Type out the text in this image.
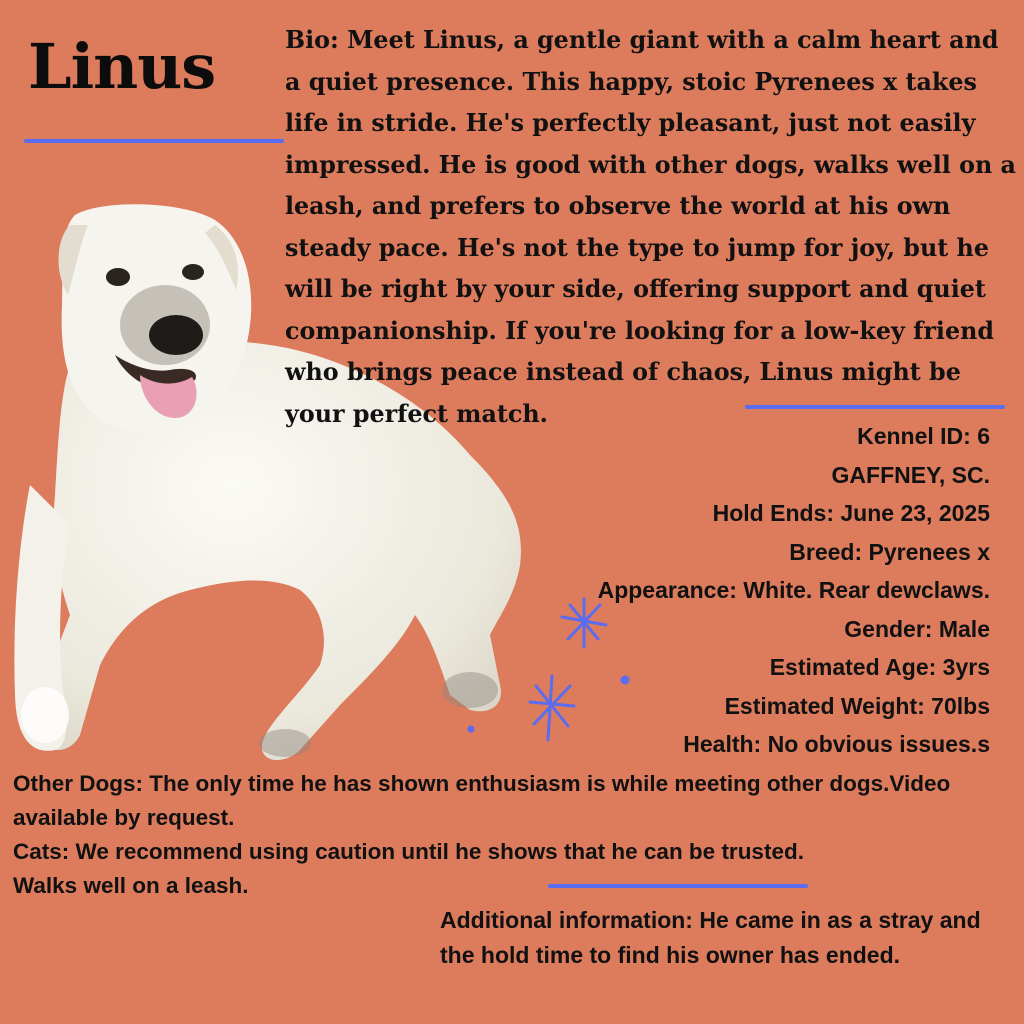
Linus	Bio: Meet Linus, a gentle giant with a calm heart and a quiet presence. This happy, stoic Pyrenees x takes life in stride. He's perfectly pleasant, just not easily impressed. He is good with other dogs, walks well on a leash, and prefers to observe the world at his own steady pace. He's not the type to jump for joy, but he will be right by your side, offering support and quiet companionship. If you're looking for a low-key friend who brings peace instead of chaos, Linus might be your perfect match.
Kennel ID: 6
GAFFNEY, SC.
Hold Ends: June 23, 2025
Breed: Pyrenees x
Appearance: White. Rear dewclaws.
Gender: Male
Estimated Age: 3yrs
Estimated Weight: 70lbs
Health: No obvious issues.s
Other Dogs: The only time he has shown enthusiasm is while meeting other dogs.Video available by request.
Cats: We recommend using caution until he shows that he can be trusted.
Walks well on a leash.
Additional information: He came in as a stray and the hold time to find his owner has ended.
